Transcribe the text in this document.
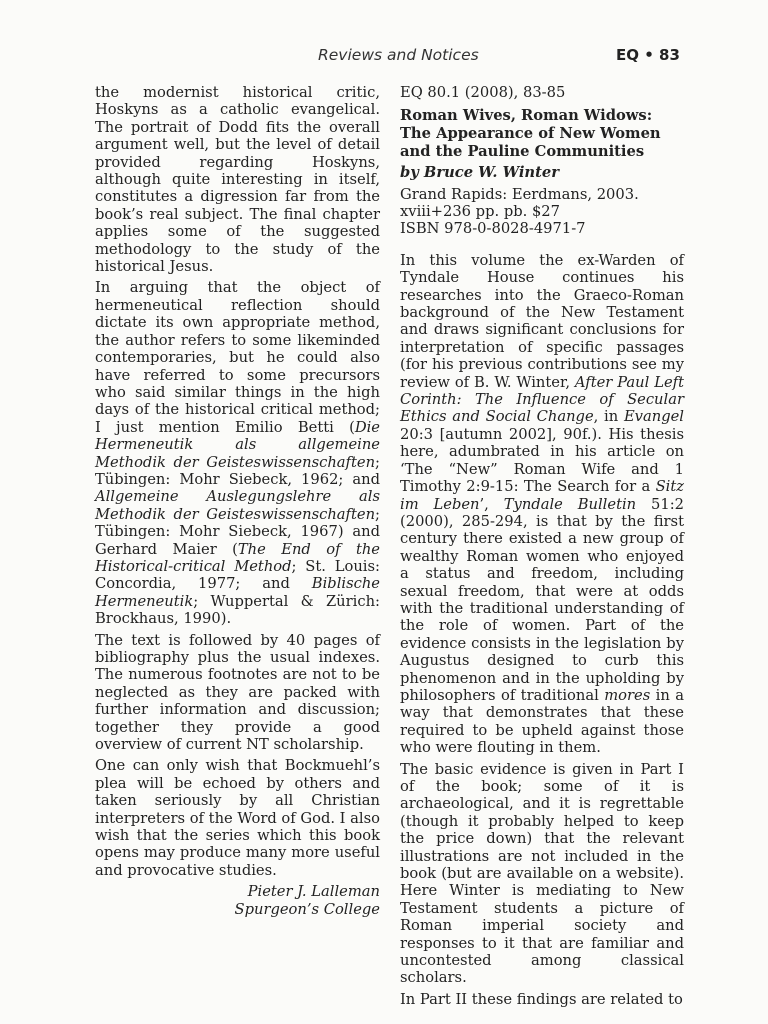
Reviews and Notices	EQ • 83

the modernist historical critic, Hoskyns as a catholic evangelical. The portrait of Dodd fits the overall argument well, but the level of detail provided regarding Hoskyns, although quite interesting in itself, constitutes a digression far from the book’s real subject. The final chapter applies some of the suggested methodology to the study of the historical Jesus.

In arguing that the object of hermeneutical reflection should dictate its own appropriate method, the author refers to some likeminded contemporaries, but he could also have referred to some precursors who said similar things in the high days of the historical critical method; I just mention Emilio Betti (Die Hermeneutik als allgemeine Methodik der Geisteswissenschaften; Tübingen: Mohr Siebeck, 1962; and Allgemeine Auslegungslehre als Methodik der Geisteswissenschaften; Tübingen: Mohr Siebeck, 1967) and Gerhard Maier (The End of the Historical-critical Method; St. Louis: Concordia, 1977; and Biblische Hermeneutik; Wuppertal & Zürich: Brockhaus, 1990).

The text is followed by 40 pages of bibliography plus the usual indexes. The numerous footnotes are not to be neglected as they are packed with further information and discussion; together they provide a good overview of current NT scholarship.

One can only wish that Bockmuehl’s plea will be echoed by others and taken seriously by all Christian interpreters of the Word of God. I also wish that the series which this book opens may produce many more useful and provocative studies.

Pieter J. Lalleman

Spurgeon’s College

EQ 80.1 (2008), 83-85

Roman Wives, Roman Widows: The Appearance of New Women and the Pauline Communities

by Bruce W. Winter

Grand Rapids: Eerdmans, 2003.

xviii+236 pp. pb. $27

ISBN 978-0-8028-4971-7

In this volume the ex-Warden of Tyndale House continues his researches into the Graeco-Roman background of the New Testament and draws significant conclusions for interpretation of specific passages (for his previous contributions see my review of B. W. Winter, After Paul Left Corinth: The Influence of Secular Ethics and Social Change, in Evangel 20:3 [autumn 2002], 90f.). His thesis here, adumbrated in his article on ‘The “New” Roman Wife and 1 Timothy 2:9-15: The Search for a Sitz im Leben’, Tyndale Bulletin 51:2 (2000), 285-294, is that by the first century there existed a new group of wealthy Roman women who enjoyed a status and freedom, including sexual freedom, that were at odds with the traditional understanding of the role of women. Part of the evidence consists in the legislation by Augustus designed to curb this phenomenon and in the upholding by philosophers of traditional mores in a way that demonstrates that these required to be upheld against those who were flouting in them.

The basic evidence is given in Part I of the book; some of it is archaeological, and it is regrettable (though it probably helped to keep the price down) that the relevant illustrations are not included in the book (but are available on a website). Here Winter is mediating to New Testament students a picture of Roman imperial society and responses to it that are familiar and uncontested among classical scholars.

In Part II these findings are related to
